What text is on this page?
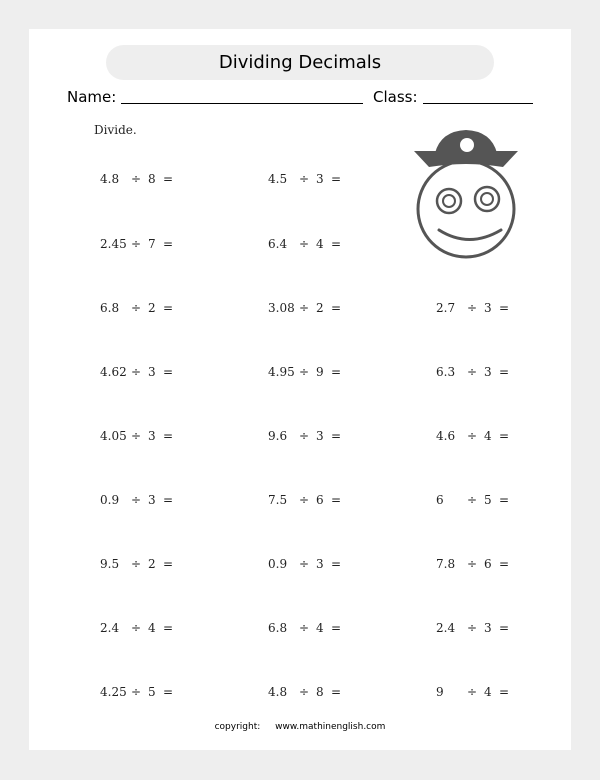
Dividing Decimals
Name:	Class:
Divide.
4.8 ÷ 8 =
2.45 ÷ 7 =
6.8 ÷ 2 =
4.62 ÷ 3 =
4.05 ÷ 3 =
0.9 ÷ 3 =
9.5 ÷ 2 =
2.4 ÷ 4 =
4.25 ÷ 5 =
4.5 ÷ 3 =
6.4 ÷ 4 =
3.08 ÷ 2 =
4.95 ÷ 9 =
9.6 ÷ 3 =
7.5 ÷ 6 =
0.9 ÷ 3 =
6.8 ÷ 4 =
4.8 ÷ 8 =
2.7 ÷ 3 =
6.3 ÷ 3 =
4.6 ÷ 4 =
6 ÷ 5 =
7.8 ÷ 6 =
2.4 ÷ 3 =
9 ÷ 4 =
copyright: www.mathinenglish.com
